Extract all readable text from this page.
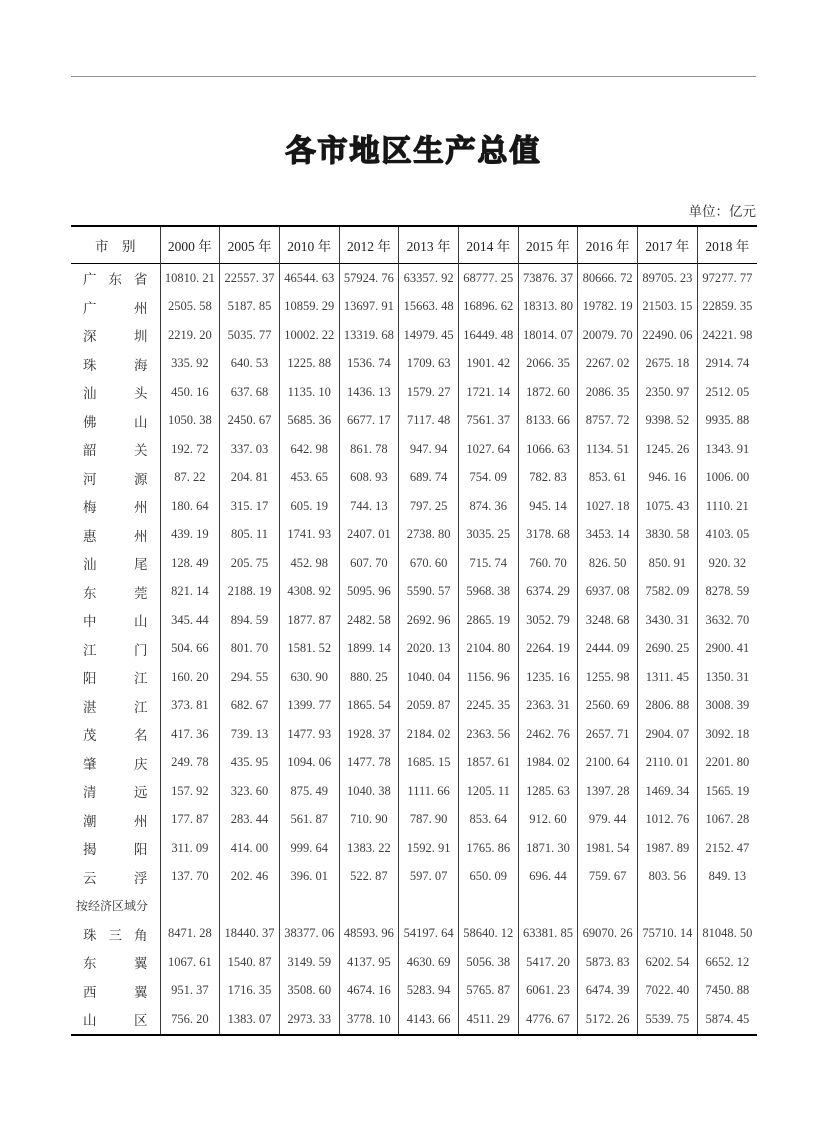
各市地区生产总值
单位：亿元
市　别	2000 年	2005 年	2010 年	2012 年	2013 年	2014 年	2015 年	2016 年	2017 年	2018 年

广 东 省	10810. 21	22557. 37	46544. 63	57924. 76	63357. 92	68777. 25	73876. 37	80666. 72	89705. 23	97277. 77

广 州	2505. 58	5187. 85	10859. 29	13697. 91	15663. 48	16896. 62	18313. 80	19782. 19	21503. 15	22859. 35

深 圳	2219. 20	5035. 77	10002. 22	13319. 68	14979. 45	16449. 48	18014. 07	20079. 70	22490. 06	24221. 98

珠 海	335. 92	640. 53	1225. 88	1536. 74	1709. 63	1901. 42	2066. 35	2267. 02	2675. 18	2914. 74

汕 头	450. 16	637. 68	1135. 10	1436. 13	1579. 27	1721. 14	1872. 60	2086. 35	2350. 97	2512. 05

佛 山	1050. 38	2450. 67	5685. 36	6677. 17	7117. 48	7561. 37	8133. 66	8757. 72	9398. 52	9935. 88

韶 关	192. 72	337. 03	642. 98	861. 78	947. 94	1027. 64	1066. 63	1134. 51	1245. 26	1343. 91

河 源	87. 22	204. 81	453. 65	608. 93	689. 74	754. 09	782. 83	853. 61	946. 16	1006. 00

梅 州	180. 64	315. 17	605. 19	744. 13	797. 25	874. 36	945. 14	1027. 18	1075. 43	1110. 21

惠 州	439. 19	805. 11	1741. 93	2407. 01	2738. 80	3035. 25	3178. 68	3453. 14	3830. 58	4103. 05

汕 尾	128. 49	205. 75	452. 98	607. 70	670. 60	715. 74	760. 70	826. 50	850. 91	920. 32

东 莞	821. 14	2188. 19	4308. 92	5095. 96	5590. 57	5968. 38	6374. 29	6937. 08	7582. 09	8278. 59

中 山	345. 44	894. 59	1877. 87	2482. 58	2692. 96	2865. 19	3052. 79	3248. 68	3430. 31	3632. 70

江 门	504. 66	801. 70	1581. 52	1899. 14	2020. 13	2104. 80	2264. 19	2444. 09	2690. 25	2900. 41

阳 江	160. 20	294. 55	630. 90	880. 25	1040. 04	1156. 96	1235. 16	1255. 98	1311. 45	1350. 31

湛 江	373. 81	682. 67	1399. 77	1865. 54	2059. 87	2245. 35	2363. 31	2560. 69	2806. 88	3008. 39

茂 名	417. 36	739. 13	1477. 93	1928. 37	2184. 02	2363. 56	2462. 76	2657. 71	2904. 07	3092. 18

肇 庆	249. 78	435. 95	1094. 06	1477. 78	1685. 15	1857. 61	1984. 02	2100. 64	2110. 01	2201. 80

清 远	157. 92	323. 60	875. 49	1040. 38	1111. 66	1205. 11	1285. 63	1397. 28	1469. 34	1565. 19

潮 州	177. 87	283. 44	561. 87	710. 90	787. 90	853. 64	912. 60	979. 44	1012. 76	1067. 28

揭 阳	311. 09	414. 00	999. 64	1383. 22	1592. 91	1765. 86	1871. 30	1981. 54	1987. 89	2152. 47

云 浮	137. 70	202. 46	396. 01	522. 87	597. 07	650. 09	696. 44	759. 67	803. 56	849. 13
按经济区域分										

珠 三 角	8471. 28	18440. 37	38377. 06	48593. 96	54197. 64	58640. 12	63381. 85	69070. 26	75710. 14	81048. 50

东 翼	1067. 61	1540. 87	3149. 59	4137. 95	4630. 69	5056. 38	5417. 20	5873. 83	6202. 54	6652. 12

西 翼	951. 37	1716. 35	3508. 60	4674. 16	5283. 94	5765. 87	6061. 23	6474. 39	7022. 40	7450. 88

山 区	756. 20	1383. 07	2973. 33	3778. 10	4143. 66	4511. 29	4776. 67	5172. 26	5539. 75	5874. 45
